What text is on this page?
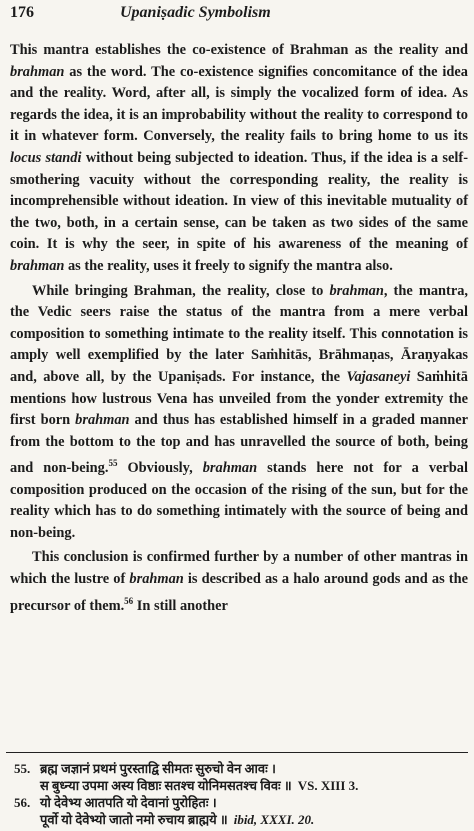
176	Upaniṣadic Symbolism

This mantra establishes the co-existence of Brahman as the reality and brahman as the word. The co-existence signifies concomitance of the idea and the reality. Word, after all, is simply the vocalized form of idea. As regards the idea, it is an improbability without the reality to correspond to it in whatever form. Conversely, the reality fails to bring home to us its locus standi without being subjected to ideation. Thus, if the idea is a self-smothering vacuity without the corresponding reality, the reality is incomprehensible without ideation. In view of this inevitable mutuality of the two, both, in a certain sense, can be taken as two sides of the same coin. It is why the seer, in spite of his awareness of the meaning of brahman as the reality, uses it freely to signify the mantra also.

While bringing Brahman, the reality, close to brahman, the mantra, the Vedic seers raise the status of the mantra from a mere verbal composition to something intimate to the reality itself. This connotation is amply well exemplified by the later Saṁhitās, Brāhmaṇas, Āraṇyakas and, above all, by the Upaniṣads. For instance, the Vajasaneyi Saṁhitā mentions how lustrous Vena has unveiled from the yonder extremity the first born brahman and thus has established himself in a graded manner from the bottom to the top and has unravelled the source of both, being and non-being.$^{55}$ Obviously, brahman stands here not for a verbal composition produced on the occasion of the rising of the sun, but for the reality which has to do something intimately with the source of being and non-being.

This conclusion is confirmed further by a number of other mantras in which the lustre of brahman is described as a halo around gods and as the precursor of them.$^{56}$ In still another

55. ब्रह्म जज्ञानं प्रथमं पुरस्ताद्वि सीमतः सुरुचो वेन आवः ।
स बुध्न्या उपमा अस्य विष्ठाः सतश्च योनिमसतश्च विवः ॥ VS. XIII 3.
56. यो देवेभ्य आतपति यो देवानां पुरोहितः ।
पूर्वो यो देवेभ्यो जातो नमो रुचाय ब्राह्मये ॥ ibid, XXXI. 20.
